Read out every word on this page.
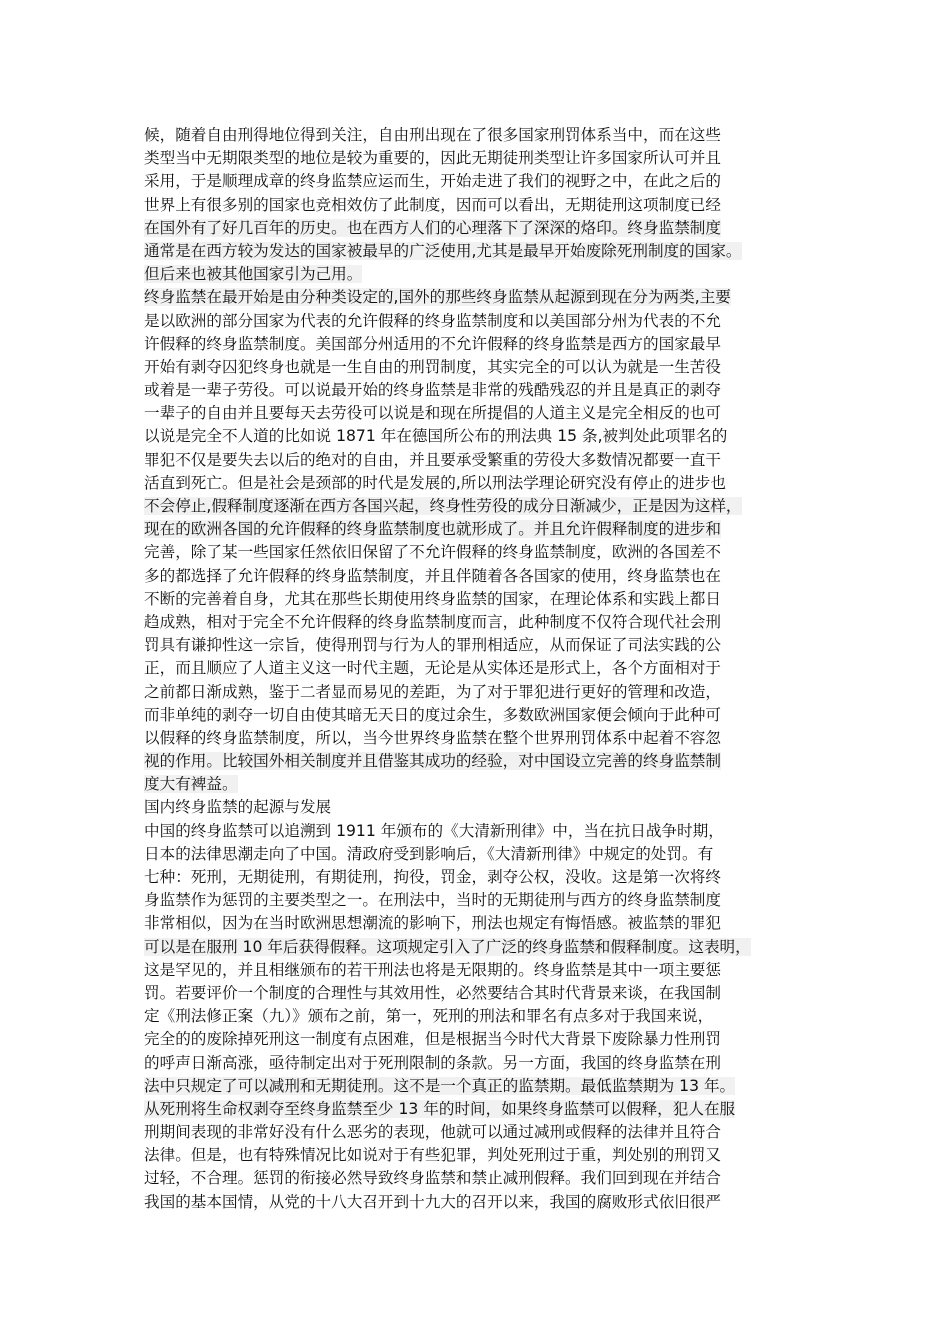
候，随着自由刑得地位得到关注，自由刑出现在了很多国家刑罚体系当中，而在这些
类型当中无期限类型的地位是较为重要的，因此无期徒刑类型让许多国家所认可并且
采用，于是顺理成章的终身监禁应运而生，开始走进了我们的视野之中，在此之后的
世界上有很多别的国家也竞相效仿了此制度，因而可以看出，无期徒刑这项制度已经
在国外有了好几百年的历史。也在西方人们的心理落下了深深的烙印。终身监禁制度
通常是在西方较为发达的国家被最早的广泛使用,尤其是最早开始废除死刑制度的国家。
但后来也被其他国家引为己用。
终身监禁在最开始是由分种类设定的,国外的那些终身监禁从起源到现在分为两类,主要
是以欧洲的部分国家为代表的允许假释的终身监禁制度和以美国部分州为代表的不允
许假释的终身监禁制度。美国部分州适用的不允许假释的终身监禁是西方的国家最早
开始有剥夺囚犯终身也就是一生自由的刑罚制度，其实完全的可以认为就是一生苦役
或着是一辈子劳役。可以说最开始的终身监禁是非常的残酷残忍的并且是真正的剥夺
一辈子的自由并且要每天去劳役可以说是和现在所提倡的人道主义是完全相反的也可
以说是完全不人道的比如说 1871 年在德国所公布的刑法典 15 条,被判处此项罪名的
罪犯不仅是要失去以后的绝对的自由，并且要承受繁重的劳役大多数情况都要一直干
活直到死亡。但是社会是颈部的时代是发展的,所以刑法学理论研究没有停止的进步也
不会停止,假释制度逐渐在西方各国兴起，终身性劳役的成分日渐减少，正是因为这样，
现在的欧洲各国的允许假释的终身监禁制度也就形成了。并且允许假释制度的进步和
完善，除了某一些国家任然依旧保留了不允许假释的终身监禁制度，欧洲的各国差不
多的都选择了允许假释的终身监禁制度，并且伴随着各各国家的使用，终身监禁也在
不断的完善着自身，尤其在那些长期使用终身监禁的国家，在理论体系和实践上都日
趋成熟，相对于完全不允许假释的终身监禁制度而言，此种制度不仅符合现代社会刑
罚具有谦抑性这一宗旨，使得刑罚与行为人的罪刑相适应，从而保证了司法实践的公
正，而且顺应了人道主义这一时代主题，无论是从实体还是形式上，各个方面相对于
之前都日渐成熟，鉴于二者显而易见的差距，为了对于罪犯进行更好的管理和改造，
而非单纯的剥夺一切自由使其暗无天日的度过余生，多数欧洲国家便会倾向于此种可
以假释的终身监禁制度，所以，当今世界终身监禁在整个世界刑罚体系中起着不容忽
视的作用。比较国外相关制度并且借鉴其成功的经验，对中国设立完善的终身监禁制
度大有裨益。
国内终身监禁的起源与发展
中国的终身监禁可以追溯到 1911 年颁布的《大清新刑律》中，当在抗日战争时期，
日本的法律思潮走向了中国。清政府受到影响后，《大清新刑律》中规定的处罚。有
七种：死刑，无期徒刑，有期徒刑，拘役，罚金，剥夺公权，没收。这是第一次将终
身监禁作为惩罚的主要类型之一。在刑法中，当时的无期徒刑与西方的终身监禁制度
非常相似，因为在当时欧洲思想潮流的影响下，刑法也规定有悔悟感。被监禁的罪犯
可以是在服刑 10 年后获得假释。这项规定引入了广泛的终身监禁和假释制度。这表明，
这是罕见的，并且相继颁布的若干刑法也将是无限期的。终身监禁是其中一项主要惩
罚。若要评价一个制度的合理性与其效用性，必然要结合其时代背景来谈，在我国制
定《刑法修正案（九）》颁布之前，第一，死刑的刑法和罪名有点多对于我国来说，
完全的的废除掉死刑这一制度有点困难，但是根据当今时代大背景下废除暴力性刑罚
的呼声日渐高涨，亟待制定出对于死刑限制的条款。另一方面，我国的终身监禁在刑
法中只规定了可以减刑和无期徒刑。这不是一个真正的监禁期。最低监禁期为 13 年。
从死刑将生命权剥夺至终身监禁至少 13 年的时间，如果终身监禁可以假释，犯人在服
刑期间表现的非常好没有什么恶劣的表现，他就可以通过减刑或假释的法律并且符合
法律。但是，也有特殊情况比如说对于有些犯罪，判处死刑过于重，判处别的刑罚又
过轻，不合理。惩罚的衔接必然导致终身监禁和禁止减刑假释。我们回到现在并结合
我国的基本国情，从党的十八大召开到十九大的召开以来，我国的腐败形式依旧很严
